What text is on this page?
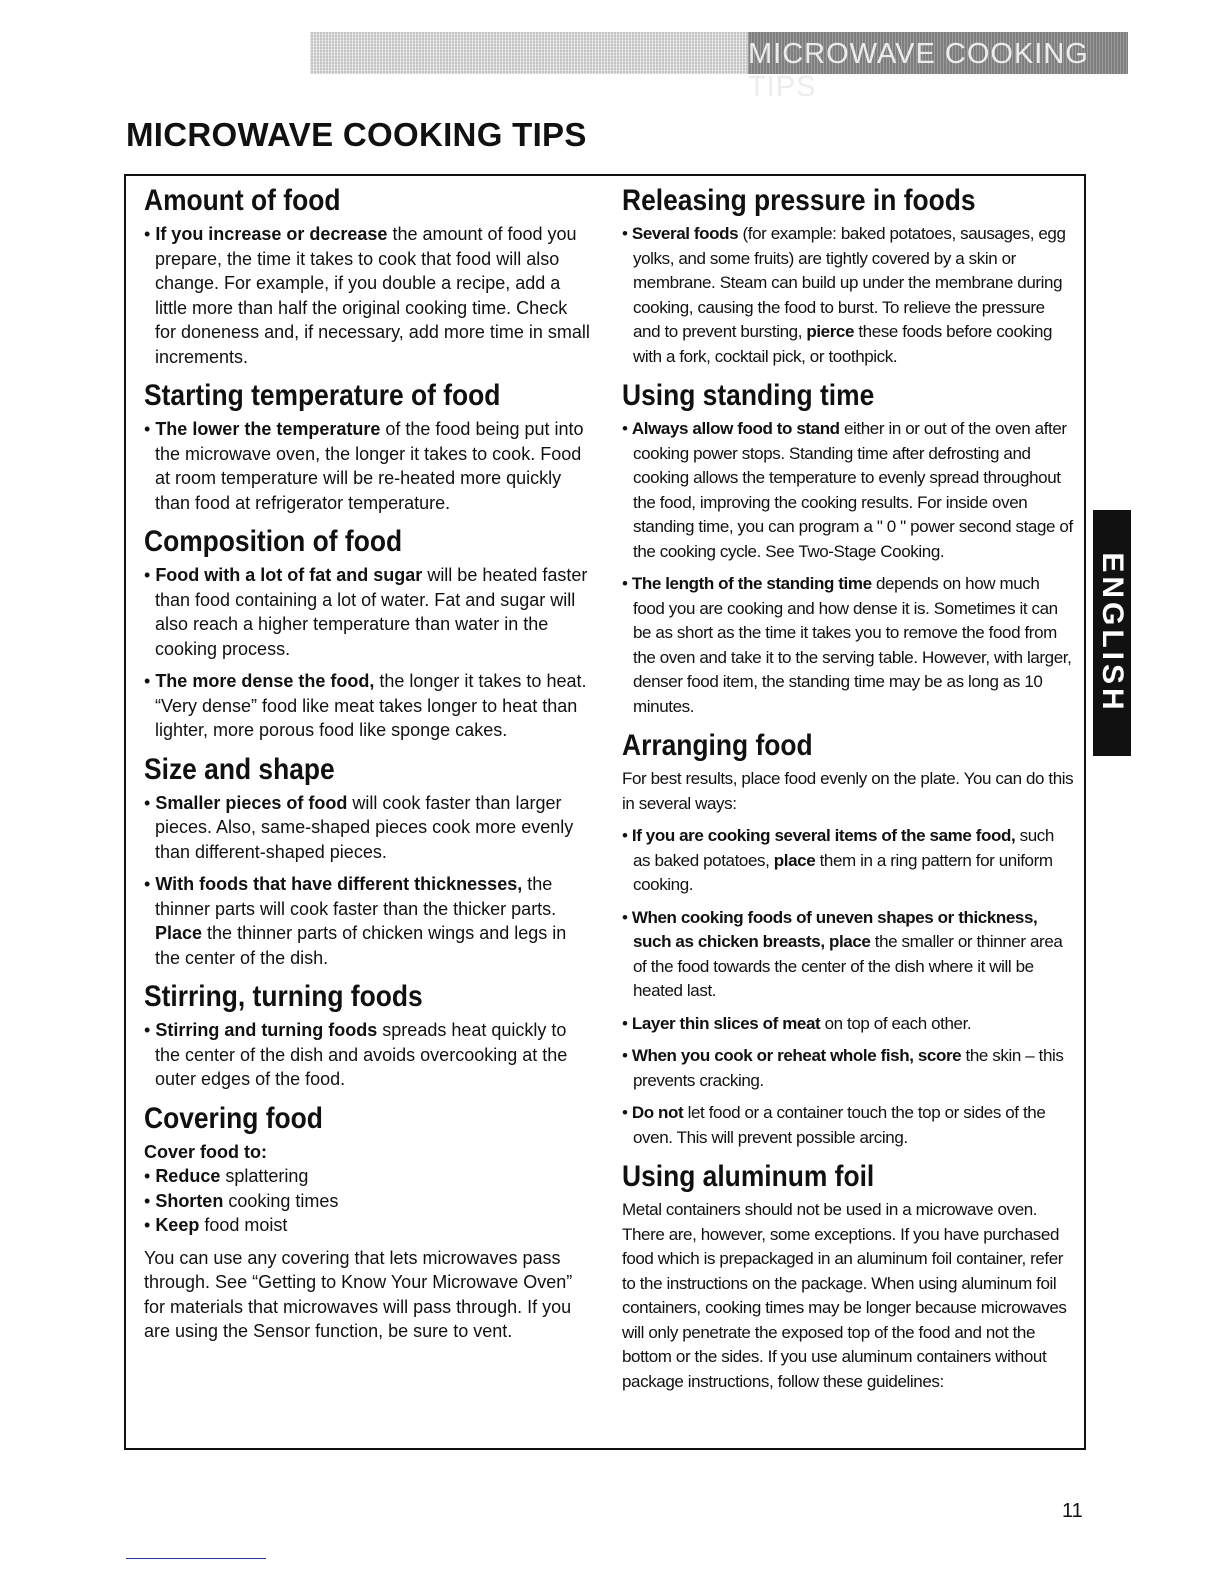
MICROWAVE COOKING TIPS
MICROWAVE COOKING TIPS
Amount of food

• If you increase or decrease the amount of food you prepare, the time it takes to cook that food will also change. For example, if you double a recipe, add a little more than half the original cooking time. Check for doneness and, if necessary, add more time in small increments.

Starting temperature of food

• The lower the temperature of the food being put into the microwave oven, the longer it takes to cook. Food at room temperature will be re-heated more quickly than food at refrigerator temperature.

Composition of food

• Food with a lot of fat and sugar will be heated faster than food containing a lot of water. Fat and sugar will also reach a higher temperature than water in the cooking process.

• The more dense the food, the longer it takes to heat. “Very dense” food like meat takes longer to heat than lighter, more porous food like sponge cakes.

Size and shape

• Smaller pieces of food will cook faster than larger pieces. Also, same-shaped pieces cook more evenly than different-shaped pieces.

• With foods that have different thicknesses, the thinner parts will cook faster than the thicker parts. Place the thinner parts of chicken wings and legs in the center of the dish.

Stirring, turning foods

• Stirring and turning foods spreads heat quickly to the center of the dish and avoids overcooking at the outer edges of the food.

Covering food

Cover food to:

• Reduce splattering

• Shorten cooking times

• Keep food moist

You can use any covering that lets microwaves pass through. See “Getting to Know Your Microwave Oven” for materials that microwaves will pass through. If you are using the Sensor function, be sure to vent.

Releasing pressure in foods

• Several foods (for example: baked potatoes, sausages, egg yolks, and some fruits) are tightly covered by a skin or membrane. Steam can build up under the membrane during cooking, causing the food to burst. To relieve the pressure and to prevent bursting, pierce these foods before cooking with a fork, cocktail pick, or toothpick.

Using standing time

• Always allow food to stand either in or out of the oven after cooking power stops. Standing time after defrosting and cooking allows the temperature to evenly spread throughout the food, improving the cooking results. For inside oven standing time, you can program a " 0 " power second stage of the cooking cycle. See Two-Stage Cooking.

• The length of the standing time depends on how much food you are cooking and how dense it is. Sometimes it can be as short as the time it takes you to remove the food from the oven and take it to the serving table. However, with larger, denser food item, the standing time may be as long as 10 minutes.

Arranging food

For best results, place food evenly on the plate. You can do this in several ways:

• If you are cooking several items of the same food, such as baked potatoes, place them in a ring pattern for uniform cooking.

• When cooking foods of uneven shapes or thickness, such as chicken breasts, place the smaller or thinner area of the food towards the center of the dish where it will be heated last.

• Layer thin slices of meat on top of each other.

• When you cook or reheat whole fish, score the skin – this prevents cracking.

• Do not let food or a container touch the top or sides of the oven. This will prevent possible arcing.

Using aluminum foil

Metal containers should not be used in a microwave oven. There are, however, some exceptions. If you have purchased food which is prepackaged in an aluminum foil container, refer to the instructions on the package. When using aluminum foil containers, cooking times may be longer because microwaves will only penetrate the exposed top of the food and not the bottom or the sides. If you use aluminum containers without package instructions, follow these guidelines:

ENGLISH
11
